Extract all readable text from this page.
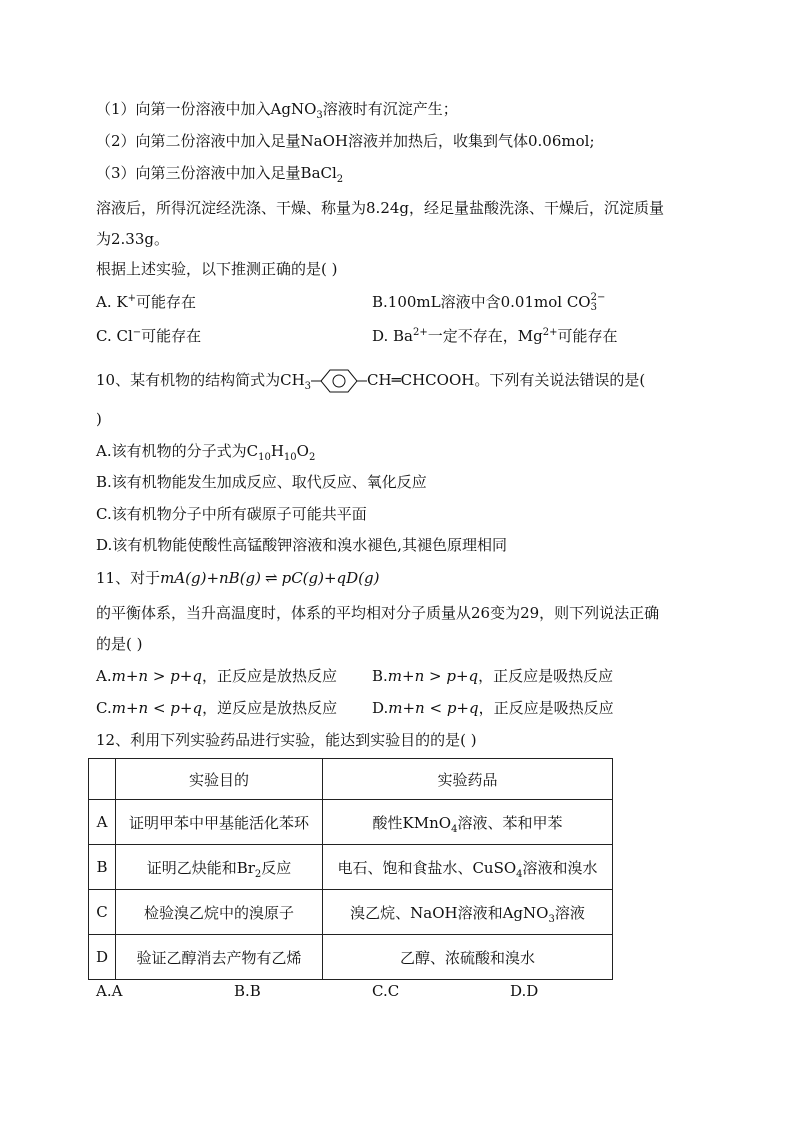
（1）向第一份溶液中加入AgNO$_3$溶液时有沉淀产生；
（2）向第二份溶液中加入足量NaOH溶液并加热后，收集到气体0.06mol;
（3）向第三份溶液中加入足量BaCl$_2$
溶液后，所得沉淀经洗涤、干燥、称量为8.24g，经足量盐酸洗涤、干燥后，沉淀质量
为2.33g。
根据上述实验，以下推测正确的是( )
A. K+可能存在	B.100mL溶液中含0.01mol CO 2−
3
C. Cl−可能存在	D. $Ba^{2+}$一定不存在，$Mg^{2+}$可能存在
10、某有机物的结构简式为$CH_3$	CH═CHCOOH。下列有关说法错误的是(
)
A.该有机物的分子式为$C_{10}H_{10}O_2$
B.该有机物能发生加成反应、取代反应、氧化反应
C.该有机物分子中所有碳原子可能共平面
D.该有机物能使酸性高锰酸钾溶液和溴水褪色,其褪色原理相同
11、对于mA(g)+nB(g) ⇌ pC(g)+qD(g)
的平衡体系，当升高温度时，体系的平均相对分子质量从26变为29，则下列说法正确
的是( )
A.m+n > p+q，正反应是放热反应 B.m+n > p+q，正反应是吸热反应
C.m+n < p+q，逆反应是放热反应 D.m+n < p+q，正反应是吸热反应
12、利用下列实验药品进行实验，能达到实验目的的是( )
	实验目的	实验药品
A	证明甲苯中甲基能活化苯环	酸性KMnO$_4$溶液、苯和甲苯
B	证明乙炔能和$Br_2$反应	电石、饱和食盐水、CuSO$_4$溶液和溴水
C	检验溴乙烷中的溴原子	溴乙烷、NaOH溶液和AgNO$_3$溶液
D	验证乙醇消去产物有乙烯	乙醇、浓硫酸和溴水
A.A	B.B	C.C	D.D
